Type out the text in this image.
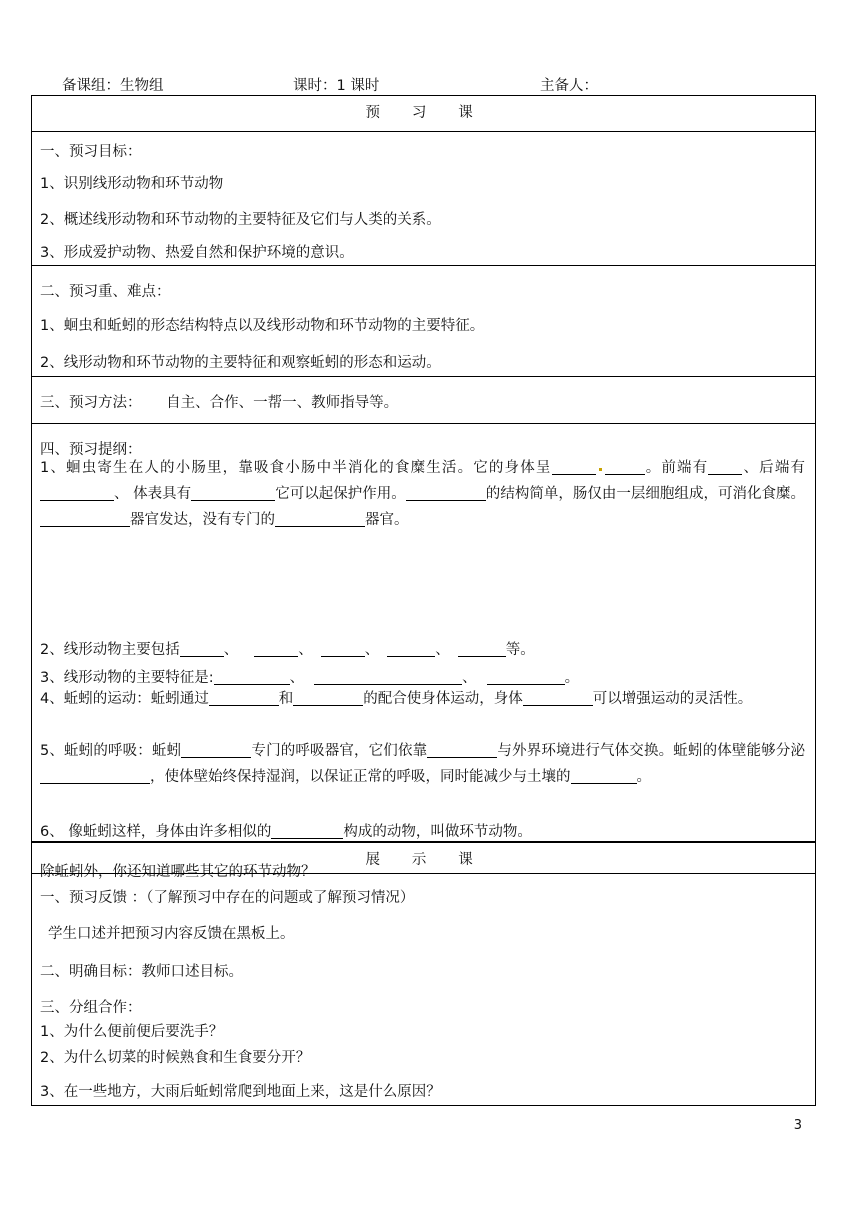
备课组：生物组	课时：1 课时	主备人：
预　习　课
一、预习目标：
1、识别线形动物和环节动物
2、概述线形动物和环节动物的主要特征及它们与人类的关系。
3、形成爱护动物、热爱自然和保护环境的意识。
二、预习重、难点：
1、蛔虫和蚯蚓的形态结构特点以及线形动物和环节动物的主要特征。
2、线形动物和环节动物的主要特征和观察蚯蚓的形态和运动。
三、预习方法： 自主、合作、一帮一、教师指导等。
四、预习提纲：
1、蛔虫寄生在人的小肠里，靠吸食小肠中半消化的食糜生活。它的身体呈	。前端有 、后端有、 体表具有	它可以起保护作用。	的结构简单，肠仅由一层细胞组成，可消化食糜。器官发达，没有专门的	器官。
2、线形动物主要包括	、	、	、	、	等。
3、线形动物的主要特征是:	、	、	。
4、蚯蚓的运动：蚯蚓通过	和	的配合使身体运动，身体	可以增强运动的灵活性。
5、蚯蚓的呼吸：蚯蚓	专门的呼吸器官，它们依靠	与外界环境进行气体交换。蚯蚓的体壁能够分泌，使体壁始终保持湿润，以保证正常的呼吸，同时能减少与土壤的	。
6、 像蚯蚓这样，身体由许多相似的	构成的动物，叫做环节动物。
除蚯蚓外，你还知道哪些其它的环节动物？
展　示　课
一、预习反馈 ：（了解预习中存在的问题或了解预习情况）
学生口述并把预习内容反馈在黑板上。
二、明确目标：教师口述目标。
三、分组合作：
1、为什么便前便后要洗手？
2、为什么切菜的时候熟食和生食要分开？
3、在一些地方，大雨后蚯蚓常爬到地面上来，这是什么原因？
3
